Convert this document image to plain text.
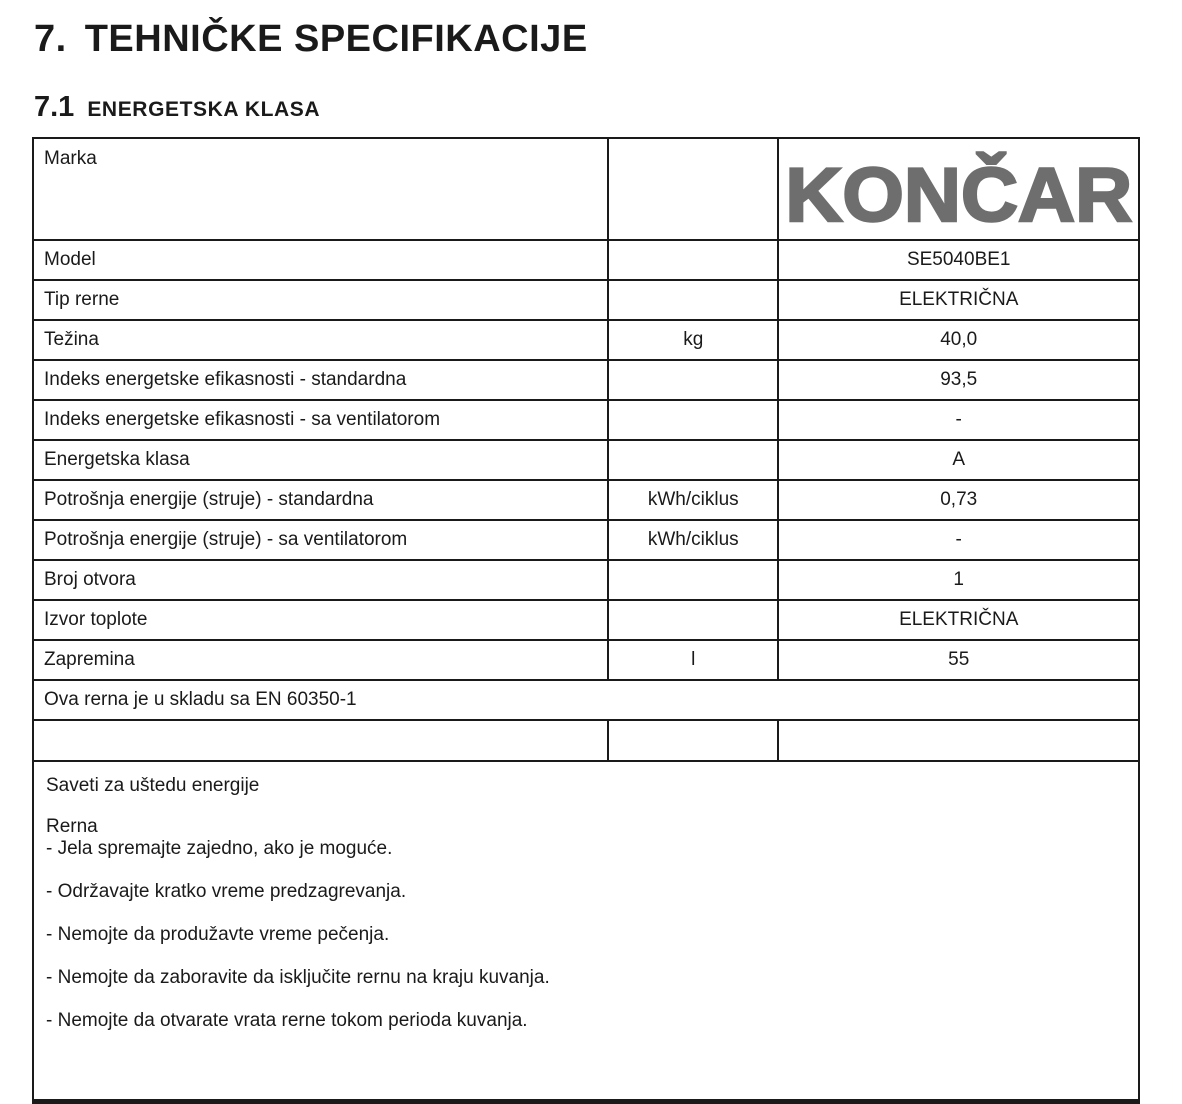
7. TEHNIČKE SPECIFIKACIJE
7.1 ENERGETSKA KLASA
Marka		KONČAR

Model		SE5040BE1
Tip rerne		ELEKTRIČNA
Težina	kg	40,0
Indeks energetske efikasnosti - standardna		93,5
Indeks energetske efikasnosti - sa ventilatorom		-
Energetska klasa		A
Potrošnja energije (struje) - standardna	kWh/ciklus	0,73
Potrošnja energije (struje) - sa ventilatorom	kWh/ciklus	-
Broj otvora		1
Izvor toplote		ELEKTRIČNA
Zapremina	l	55
Ova rerna je u skladu sa EN 60350-1		

Saveti za uštedu energije

Rerna

- Jela spremajte zajedno, ako je moguće.

- Održavajte kratko vreme predzagrevanja.

- Nemojte da produžavte vreme pečenja.

- Nemojte da zaboravite da isključite rernu na kraju kuvanja.

- Nemojte da otvarate vrata rerne tokom perioda kuvanja.
